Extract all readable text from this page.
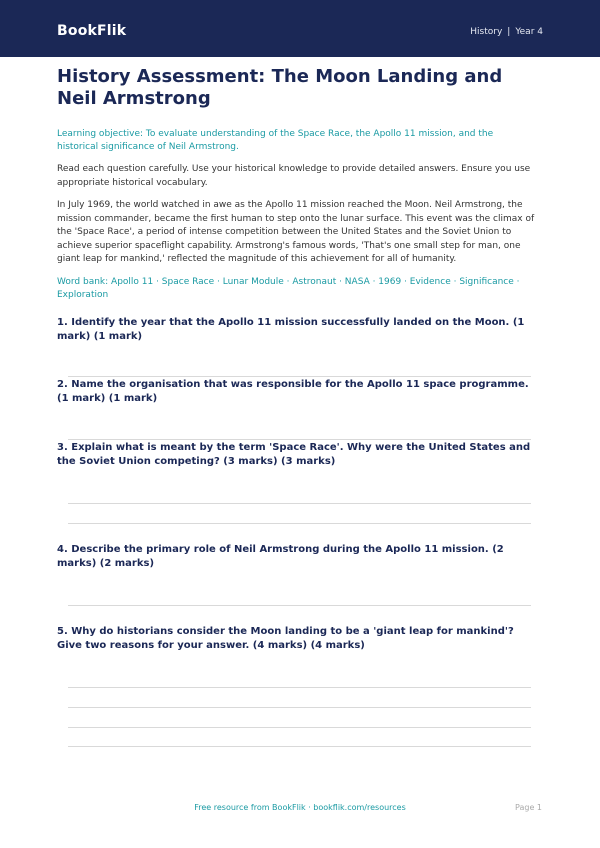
BookFlik	History | Year 4
History Assessment: The Moon Landing and Neil Armstrong
Learning objective: To evaluate understanding of the Space Race, the Apollo 11 mission, and the historical significance of Neil Armstrong.
Read each question carefully. Use your historical knowledge to provide detailed answers. Ensure you use appropriate historical vocabulary.
In July 1969, the world watched in awe as the Apollo 11 mission reached the Moon. Neil Armstrong, the mission commander, became the first human to step onto the lunar surface. This event was the climax of the 'Space Race', a period of intense competition between the United States and the Soviet Union to achieve superior spaceflight capability. Armstrong's famous words, 'That's one small step for man, one giant leap for mankind,' reflected the magnitude of this achievement for all of humanity.
Word bank: Apollo 11 · Space Race · Lunar Module · Astronaut · NASA · 1969 · Evidence · Significance · Exploration
1. Identify the year that the Apollo 11 mission successfully landed on the Moon. (1 mark) (1 mark)
2. Name the organisation that was responsible for the Apollo 11 space programme. (1 mark) (1 mark)
3. Explain what is meant by the term 'Space Race'. Why were the United States and the Soviet Union competing? (3 marks) (3 marks)
4. Describe the primary role of Neil Armstrong during the Apollo 11 mission. (2 marks) (2 marks)
5. Why do historians consider the Moon landing to be a 'giant leap for mankind'? Give two reasons for your answer. (4 marks) (4 marks)
Free resource from BookFlik · bookflik.com/resources	Page 1
